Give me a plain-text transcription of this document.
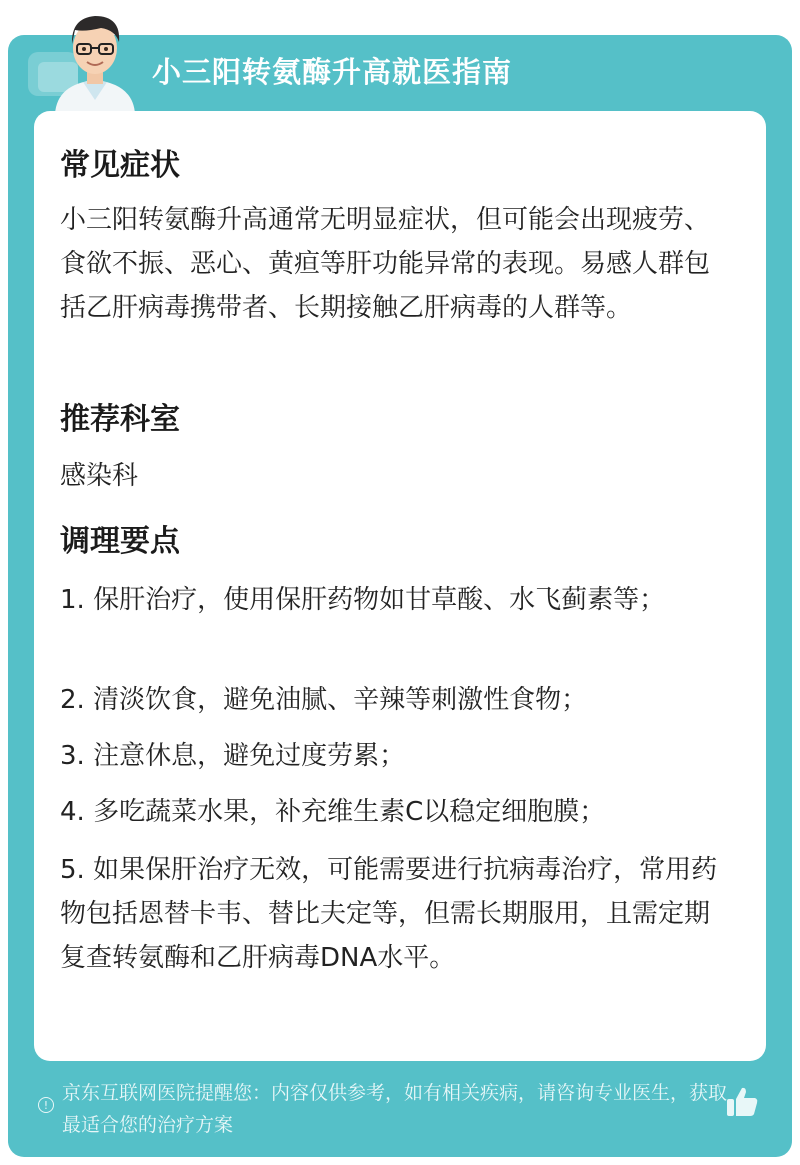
小三阳转氨酶升高就医指南
常见症状
小三阳转氨酶升高通常无明显症状，但可能会出现疲劳、食欲不振、恶心、黄疸等肝功能异常的表现。易感人群包括乙肝病毒携带者、长期接触乙肝病毒的人群等。
推荐科室
感染科
调理要点
1. 保肝治疗，使用保肝药物如甘草酸、水飞蓟素等；
2. 清淡饮食，避免油腻、辛辣等刺激性食物；
3. 注意休息，避免过度劳累；
4. 多吃蔬菜水果，补充维生素C以稳定细胞膜；
5. 如果保肝治疗无效，可能需要进行抗病毒治疗，常用药物包括恩替卡韦、替比夫定等，但需长期服用，且需定期复查转氨酶和乙肝病毒DNA水平。
!
京东互联网医院提醒您：内容仅供参考，如有相关疾病，请咨询专业医生，获取最适合您的治疗方案
